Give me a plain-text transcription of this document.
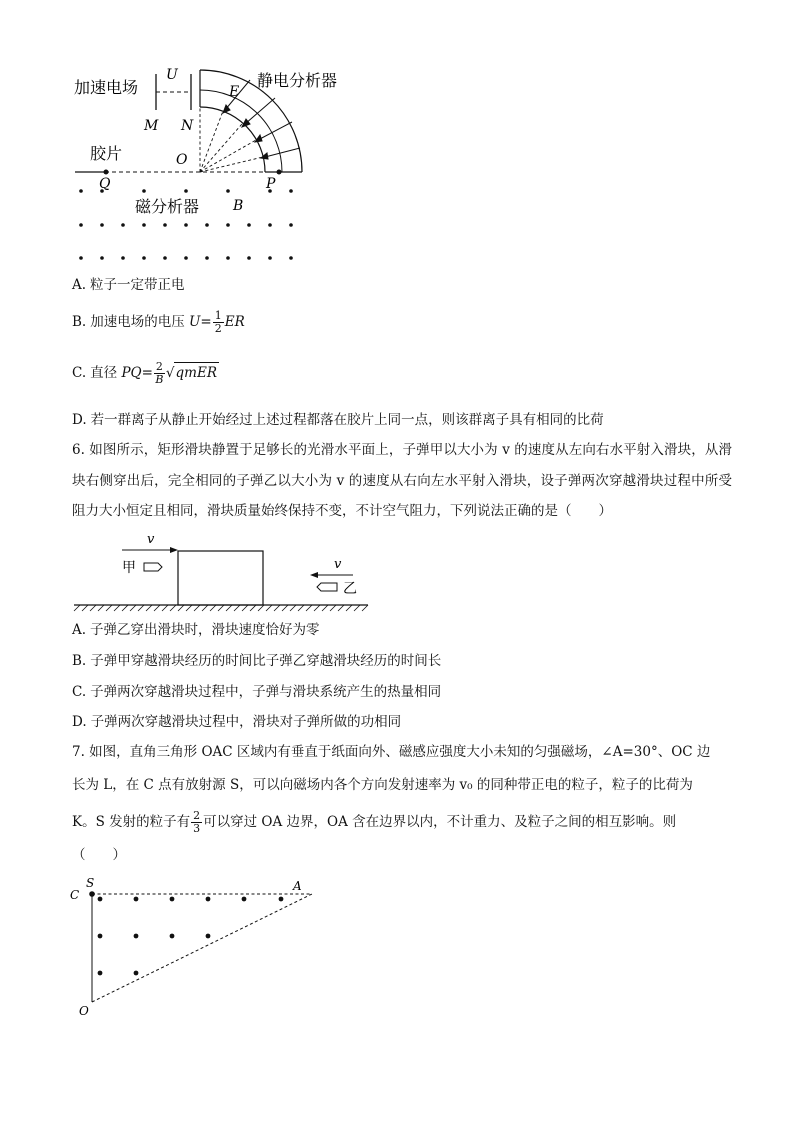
加速电场
U
M N
E
静电分析器
胶片	O
Q	P
磁分析器 B
A. 粒子一定带正电
B. 加速电场的电压 $U= \frac{1}{2}$ ER
C. 直径 $PQ= \frac{2}{B}$ √qmER
D. 若一群离子从静止开始经过上述过程都落在胶片上同一点，则该群离子具有相同的比荷
6. 如图所示，矩形滑块静置于足够长的光滑水平面上，子弹甲以大小为 v 的速度从左向右水平射入滑块，从滑块右侧穿出后，完全相同的子弹乙以大小为 v 的速度从右向左水平射入滑块，设子弹两次穿越滑块过程中所受阻力大小恒定且相同，滑块质量始终保持不变，不计空气阻力，下列说法正确的是（　　）
v
甲	v
乙
A. 子弹乙穿出滑块时，滑块速度恰好为零
B. 子弹甲穿越滑块经历的时间比子弹乙穿越滑块经历的时间长
C. 子弹两次穿越滑块过程中，子弹与滑块系统产生的热量相同
D. 子弹两次穿越滑块过程中，滑块对子弹所做的功相同
7. 如图，直角三角形 OAC 区域内有垂直于纸面向外、磁感应强度大小未知的匀强磁场，∠A=30°、OC 边
长为 L，在 C 点有放射源 S，可以向磁场内各个方向发射速率为 v₀ 的同种带正电的粒子，粒子的比荷为
K。S 发射的粒子有 $\frac{2}{3}$ 可以穿过 OA 边界，OA 含在边界以内，不计重力、及粒子之间的相互影响。则
（　　）
C
S	A
O
